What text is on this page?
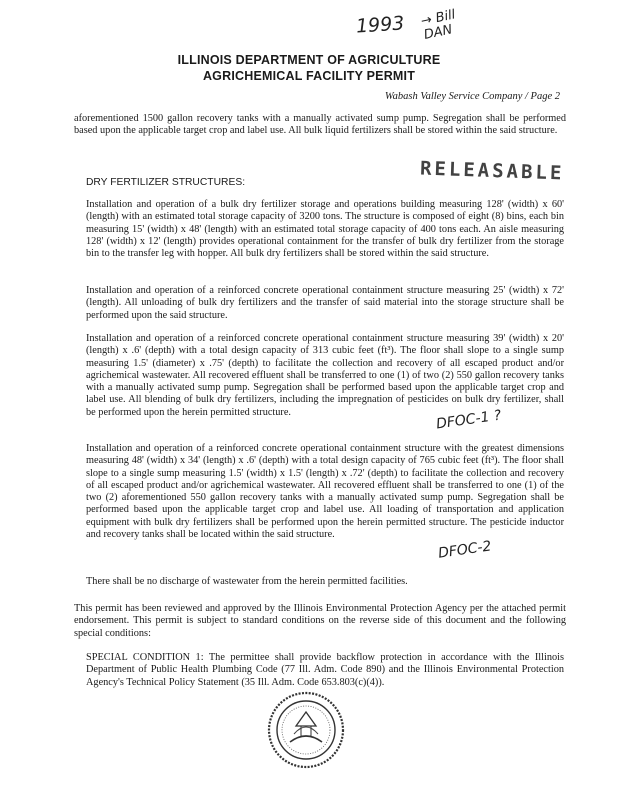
1993 → Bill
DAN
ILLINOIS DEPARTMENT OF AGRICULTURE
AGRICHEMICAL FACILITY PERMIT
Wabash Valley Service Company / Page 2
aforementioned 1500 gallon recovery tanks with a manually activated sump pump. Segregation shall be performed based upon the applicable target crop and label use. All bulk liquid fertilizers shall be stored within the said structure.
RELEASABLE
DRY FERTILIZER STRUCTURES:
Installation and operation of a bulk dry fertilizer storage and operations building measuring 128' (width) x 60' (length) with an estimated total storage capacity of 3200 tons. The structure is composed of eight (8) bins, each bin measuring 15' (width) x 48' (length) with an estimated total storage capacity of 400 tons each. An aisle measuring 128' (width) x 12' (length) provides operational containment for the transfer of bulk dry fertilizer from the storage bin to the transfer leg with hopper. All bulk dry fertilizers shall be stored within the said structure.
Installation and operation of a reinforced concrete operational containment structure measuring 25' (width) x 72' (length). All unloading of bulk dry fertilizers and the transfer of said material into the storage structure shall be performed upon the said structure.
Installation and operation of a reinforced concrete operational containment structure measuring 39' (width) x 20' (length) x .6' (depth) with a total design capacity of 313 cubic feet (ft³). The floor shall slope to a single sump measuring 1.5' (diameter) x .75' (depth) to facilitate the collection and recovery of all escaped product and/or agrichemical wastewater. All recovered effluent shall be transferred to one (1) of two (2) 550 gallon recovery tanks with a manually activated sump pump. Segregation shall be performed based upon the applicable target crop and label use. All blending of bulk dry fertilizers, including the impregnation of pesticides on bulk dry fertilizer, shall be performed upon the herein permitted structure.	DFOC-1 ?
Installation and operation of a reinforced concrete operational containment structure with the greatest dimensions measuring 48' (width) x 34' (length) x .6' (depth) with a total design capacity of 765 cubic feet (ft³). The floor shall slope to a single sump measuring 1.5' (width) x 1.5' (length) x .72' (depth) to facilitate the collection and recovery of all escaped product and/or agrichemical wastewater. All recovered effluent shall be transferred to one (1) of the two (2) aforementioned 550 gallon recovery tanks with a manually activated sump pump. Segregation shall be performed based upon the applicable target crop and label use. All loading of transportation and application equipment with bulk dry fertilizers shall be performed upon the herein permitted structure. The pesticide inductor and recovery tanks shall be located within the said structure.
DFOC-2
There shall be no discharge of wastewater from the herein permitted facilities.
This permit has been reviewed and approved by the Illinois Environmental Protection Agency per the attached permit endorsement. This permit is subject to standard conditions on the reverse side of this document and the following special conditions:
SPECIAL CONDITION 1: The permittee shall provide backflow protection in accordance with the Illinois Department of Public Health Plumbing Code (77 Ill. Adm. Code 890) and the Illinois Environmental Protection Agency's Technical Policy Statement (35 Ill. Adm. Code 653.803(c)(4)).
